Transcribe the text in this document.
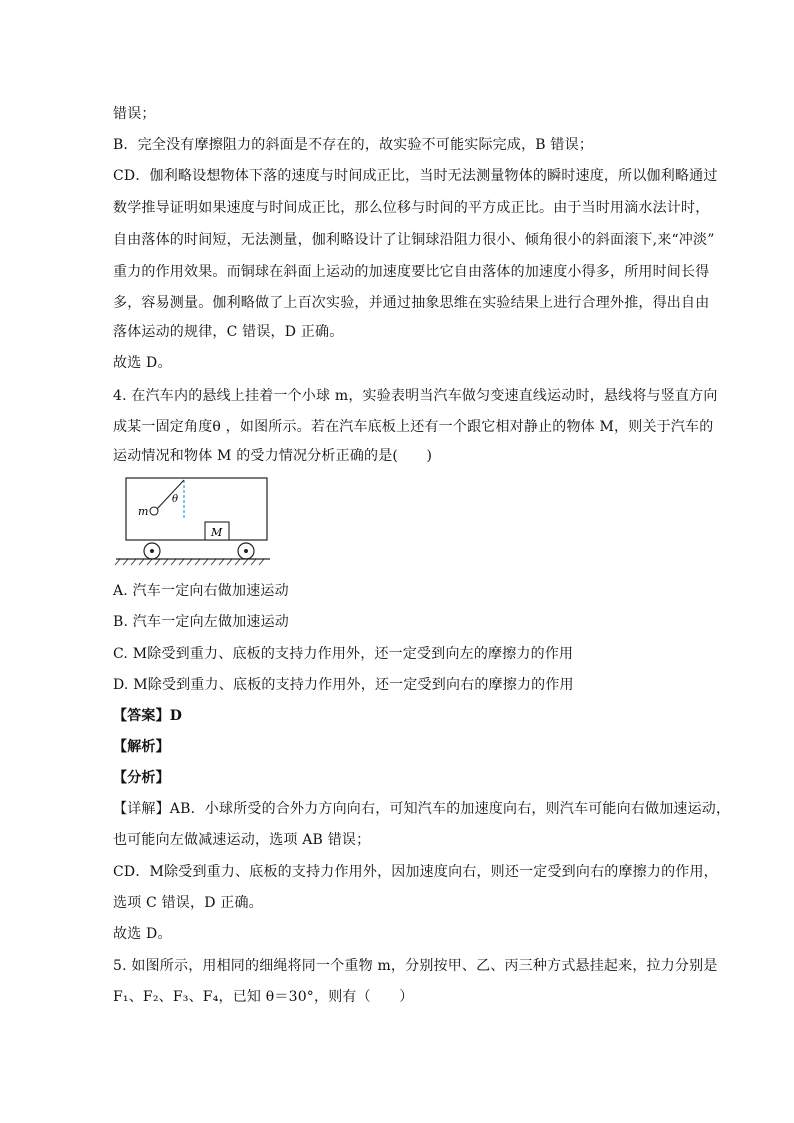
错误；
B．完全没有摩擦阻力的斜面是不存在的，故实验不可能实际完成，B 错误；
CD．伽利略设想物体下落的速度与时间成正比，当时无法测量物体的瞬时速度，所以伽利略通过
数学推导证明如果速度与时间成正比，那么位移与时间的平方成正比。由于当时用滴水法计时，
自由落体的时间短，无法测量，伽利略设计了让铜球沿阻力很小、倾角很小的斜面滚下,来“冲淡”
重力的作用效果。而铜球在斜面上运动的加速度要比它自由落体的加速度小得多，所用时间长得
多，容易测量。伽利略做了上百次实验，并通过抽象思维在实验结果上进行合理外推，得出自由
落体运动的规律，C 错误，D 正确。
故选 D。
4. 在汽车内的悬线上挂着一个小球 m，实验表明当汽车做匀变速直线运动时，悬线将与竖直方向
成某一固定角度θ ，如图所示。若在汽车底板上还有一个跟它相对静止的物体 M，则关于汽车的
运动情况和物体 M 的受力情况分析正确的是(　　)
m
θ
M
A. 汽车一定向右做加速运动
B. 汽车一定向左做加速运动
C. M除受到重力、底板的支持力作用外，还一定受到向左的摩擦力的作用
D. M除受到重力、底板的支持力作用外，还一定受到向右的摩擦力的作用
【答案】D
【解析】
【分析】
【详解】AB．小球所受的合外力方向向右，可知汽车的加速度向右，则汽车可能向右做加速运动，
也可能向左做减速运动，选项 AB 错误；
CD．M除受到重力、底板的支持力作用外，因加速度向右，则还一定受到向右的摩擦力的作用，
选项 C 错误，D 正确。
故选 D。
5. 如图所示，用相同的细绳将同一个重物 m，分别按甲、乙、丙三种方式悬挂起来，拉力分别是
F₁、F₂、F₃、F₄，已知 θ＝30°，则有（　　）
